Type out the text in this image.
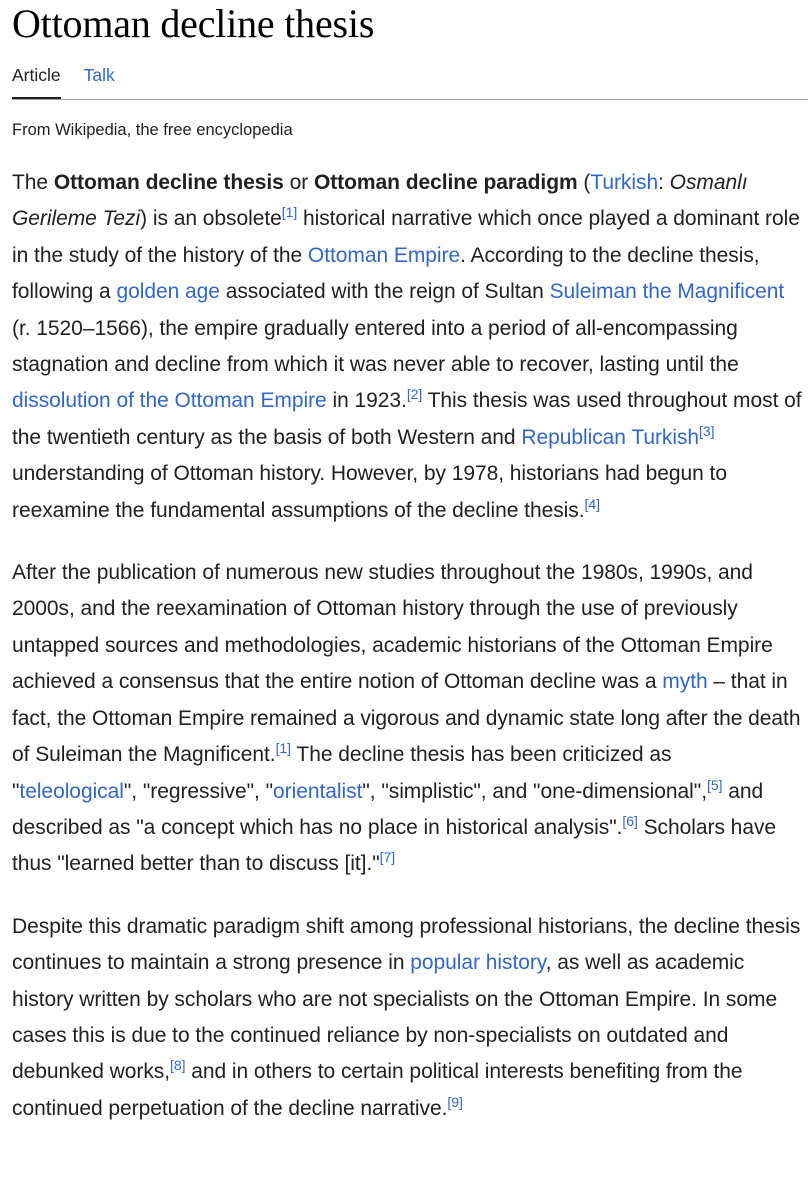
Ottoman decline thesis
Article Talk
From Wikipedia, the free encyclopedia

The Ottoman decline thesis or Ottoman decline paradigm (Turkish: Osmanlı Gerileme Tezi) is an obsolete[1] historical narrative which once played a dominant role in the study of the history of the Ottoman Empire. According to the decline thesis, following a golden age associated with the reign of Sultan Suleiman the Magnificent (r. 1520–1566), the empire gradually entered into a period of all-encompassing stagnation and decline from which it was never able to recover, lasting until the dissolution of the Ottoman Empire in 1923.[2] This thesis was used throughout most of the twentieth century as the basis of both Western and Republican Turkish[3] understanding of Ottoman history. However, by 1978, historians had begun to reexamine the fundamental assumptions of the decline thesis.[4]

After the publication of numerous new studies throughout the 1980s, 1990s, and 2000s, and the reexamination of Ottoman history through the use of previously untapped sources and methodologies, academic historians of the Ottoman Empire achieved a consensus that the entire notion of Ottoman decline was a myth – that in fact, the Ottoman Empire remained a vigorous and dynamic state long after the death of Suleiman the Magnificent.[1] The decline thesis has been criticized as "teleological", "regressive", "orientalist", "simplistic", and "one-dimensional",[5] and described as "a concept which has no place in historical analysis".[6] Scholars have thus "learned better than to discuss [it]."[7]

Despite this dramatic paradigm shift among professional historians, the decline thesis continues to maintain a strong presence in popular history, as well as academic history written by scholars who are not specialists on the Ottoman Empire. In some cases this is due to the continued reliance by non-specialists on outdated and debunked works,[8] and in others to certain political interests benefiting from the continued perpetuation of the decline narrative.[9]
